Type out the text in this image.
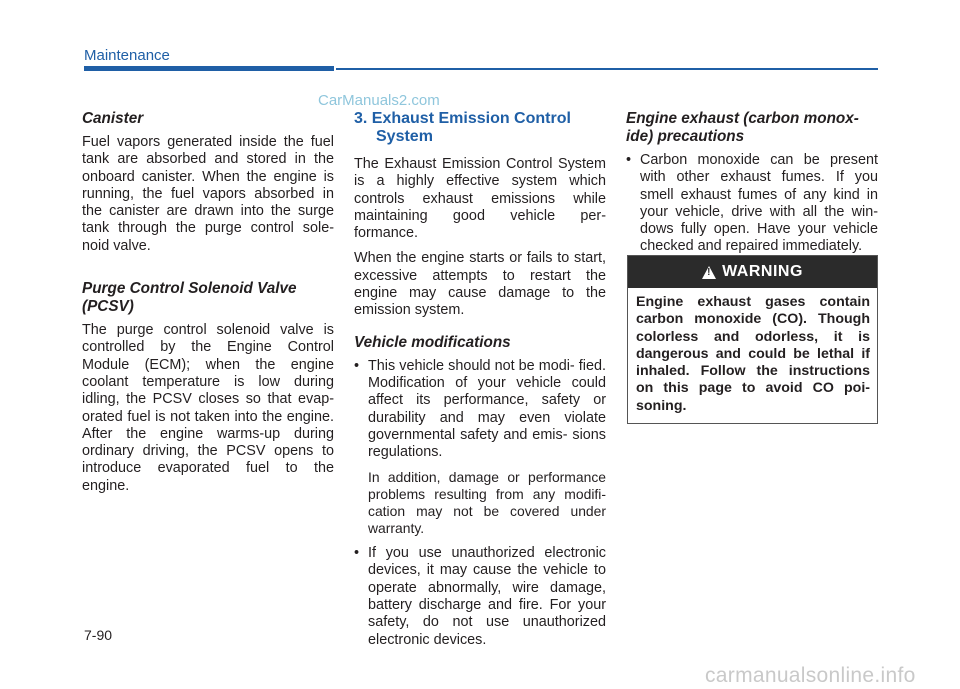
Maintenance
CarManuals2.com
Canister

Fuel vapors generated inside the fuel tank are absorbed and stored in the onboard canister. When the engine is running, the fuel vapors absorbed in the canister are drawn into the surge tank through the purge control sole- noid valve.

Purge Control Solenoid Valve (PCSV)

The purge control solenoid valve is controlled by the Engine Control Module (ECM); when the engine coolant temperature is low during idling, the PCSV closes so that evap- orated fuel is not taken into the engine. After the engine warms-up during ordinary driving, the PCSV opens to introduce evaporated fuel to the engine.

3. Exhaust Emission Control System

The Exhaust Emission Control System is a highly effective system which controls exhaust emissions while maintaining good vehicle per- formance.

When the engine starts or fails to start, excessive attempts to restart the engine may cause damage to the emission system.

Vehicle modifications
• This vehicle should not be modi- fied. Modification of your vehicle could affect its performance, safety or durability and may even violate governmental safety and emis- sions regulations.
In addition, damage or performance problems resulting from any modifi- cation may not be covered under warranty.
• If you use unauthorized electronic devices, it may cause the vehicle to operate abnormally, wire damage, battery discharge and fire. For your safety, do not use unauthorized electronic devices.
Engine exhaust (carbon monox- ide) precautions
• Carbon monoxide can be present with other exhaust fumes. If you smell exhaust fumes of any kind in your vehicle, drive with all the win- dows fully open. Have your vehicle checked and repaired immediately.
! WARNING
Engine exhaust gases contain carbon monoxide (CO). Though colorless and odorless, it is dangerous and could be lethal if inhaled. Follow the instructions on this page to avoid CO poi- soning.
7-90
carmanualsonline.info
